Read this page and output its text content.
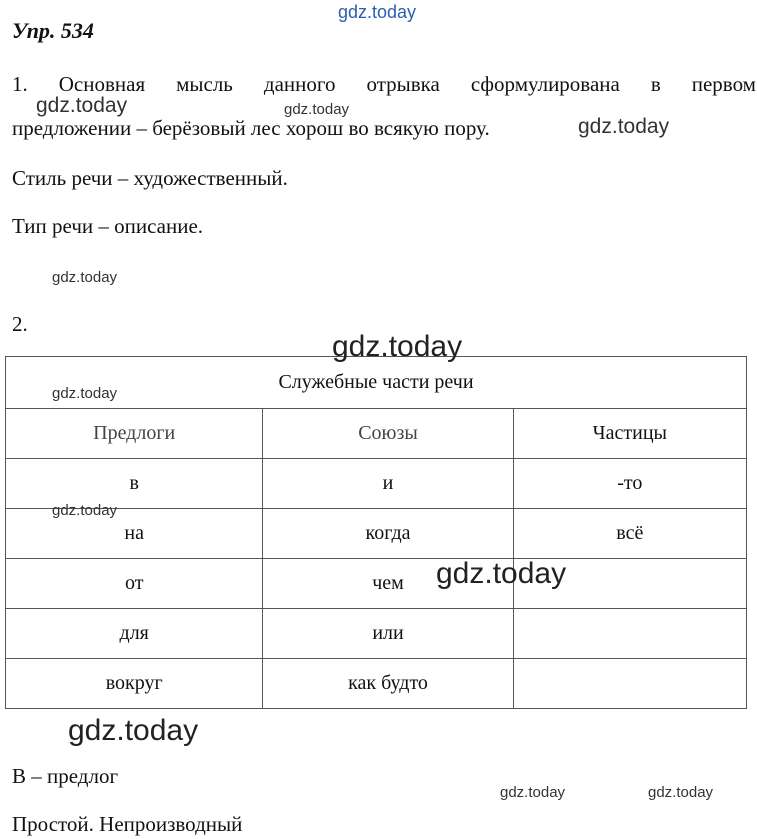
Упр. 534
1. Основная мысль данного отрывка сформулирована в первом
предложении – берёзовый лес хорош во всякую пору.
Стиль речи – художественный.
Тип речи – описание.
2.
Служебные части речи		
Предлоги	Союзы	Частицы
в	и	-то
на	когда	всё
от	чем	
для	или	
вокруг	как будто	
В – предлог
Простой. Непроизводный
gdz.today
gdz.today	gdz.today
gdz.today
gdz.today
gdz.today
gdz.today
gdz.today
gdz.today
gdz.today
gdz.today	gdz.today
